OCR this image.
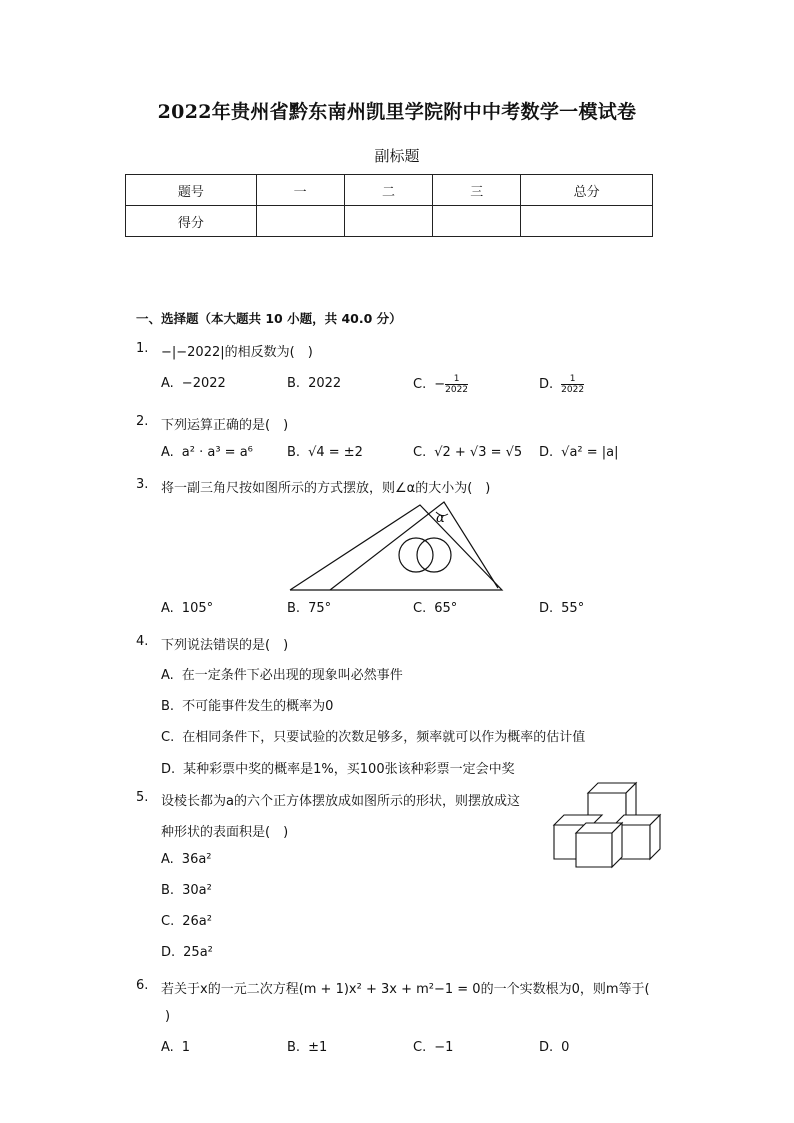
2022年贵州省黔东南州凯里学院附中中考数学一模试卷
副标题
题号	一	二	三	总分
得分				
一、选择题（本大题共 10 小题，共 40.0 分）
1. −|−2022|的相反数为(　)
A. −2022	B. 2022	C. − $\frac{1}{2022}$	D. $\frac{1}{2022}$
2. 下列运算正确的是(　)
A. a² · a³ = a⁶	B. √4 = ±2	C. √2 + √3 = √5 D. √a² = |a|
3. 将一副三角尺按如图所示的方式摆放，则∠α的大小为(　)
α
A. 105°	B. 75°	C. 65°	D. 55°
4. 下列说法错误的是(　)
A. 在一定条件下必出现的现象叫必然事件
B. 不可能事件发生的概率为0
C. 在相同条件下，只要试验的次数足够多，频率就可以作为概率的估计值
D. 某种彩票中奖的概率是1%，买100张该种彩票一定会中奖
5. 设棱长都为a的六个正方体摆放成如图所示的形状，则摆放成这
种形状的表面积是(　)
A. 36a²
B. 30a²
C. 26a²
D. 25a²
6. 若关于x的一元二次方程(m + 1)x² + 3x + m²−1 = 0的一个实数根为0，则m等于(
)
A. 1	B. ±1	C. −1	D. 0
